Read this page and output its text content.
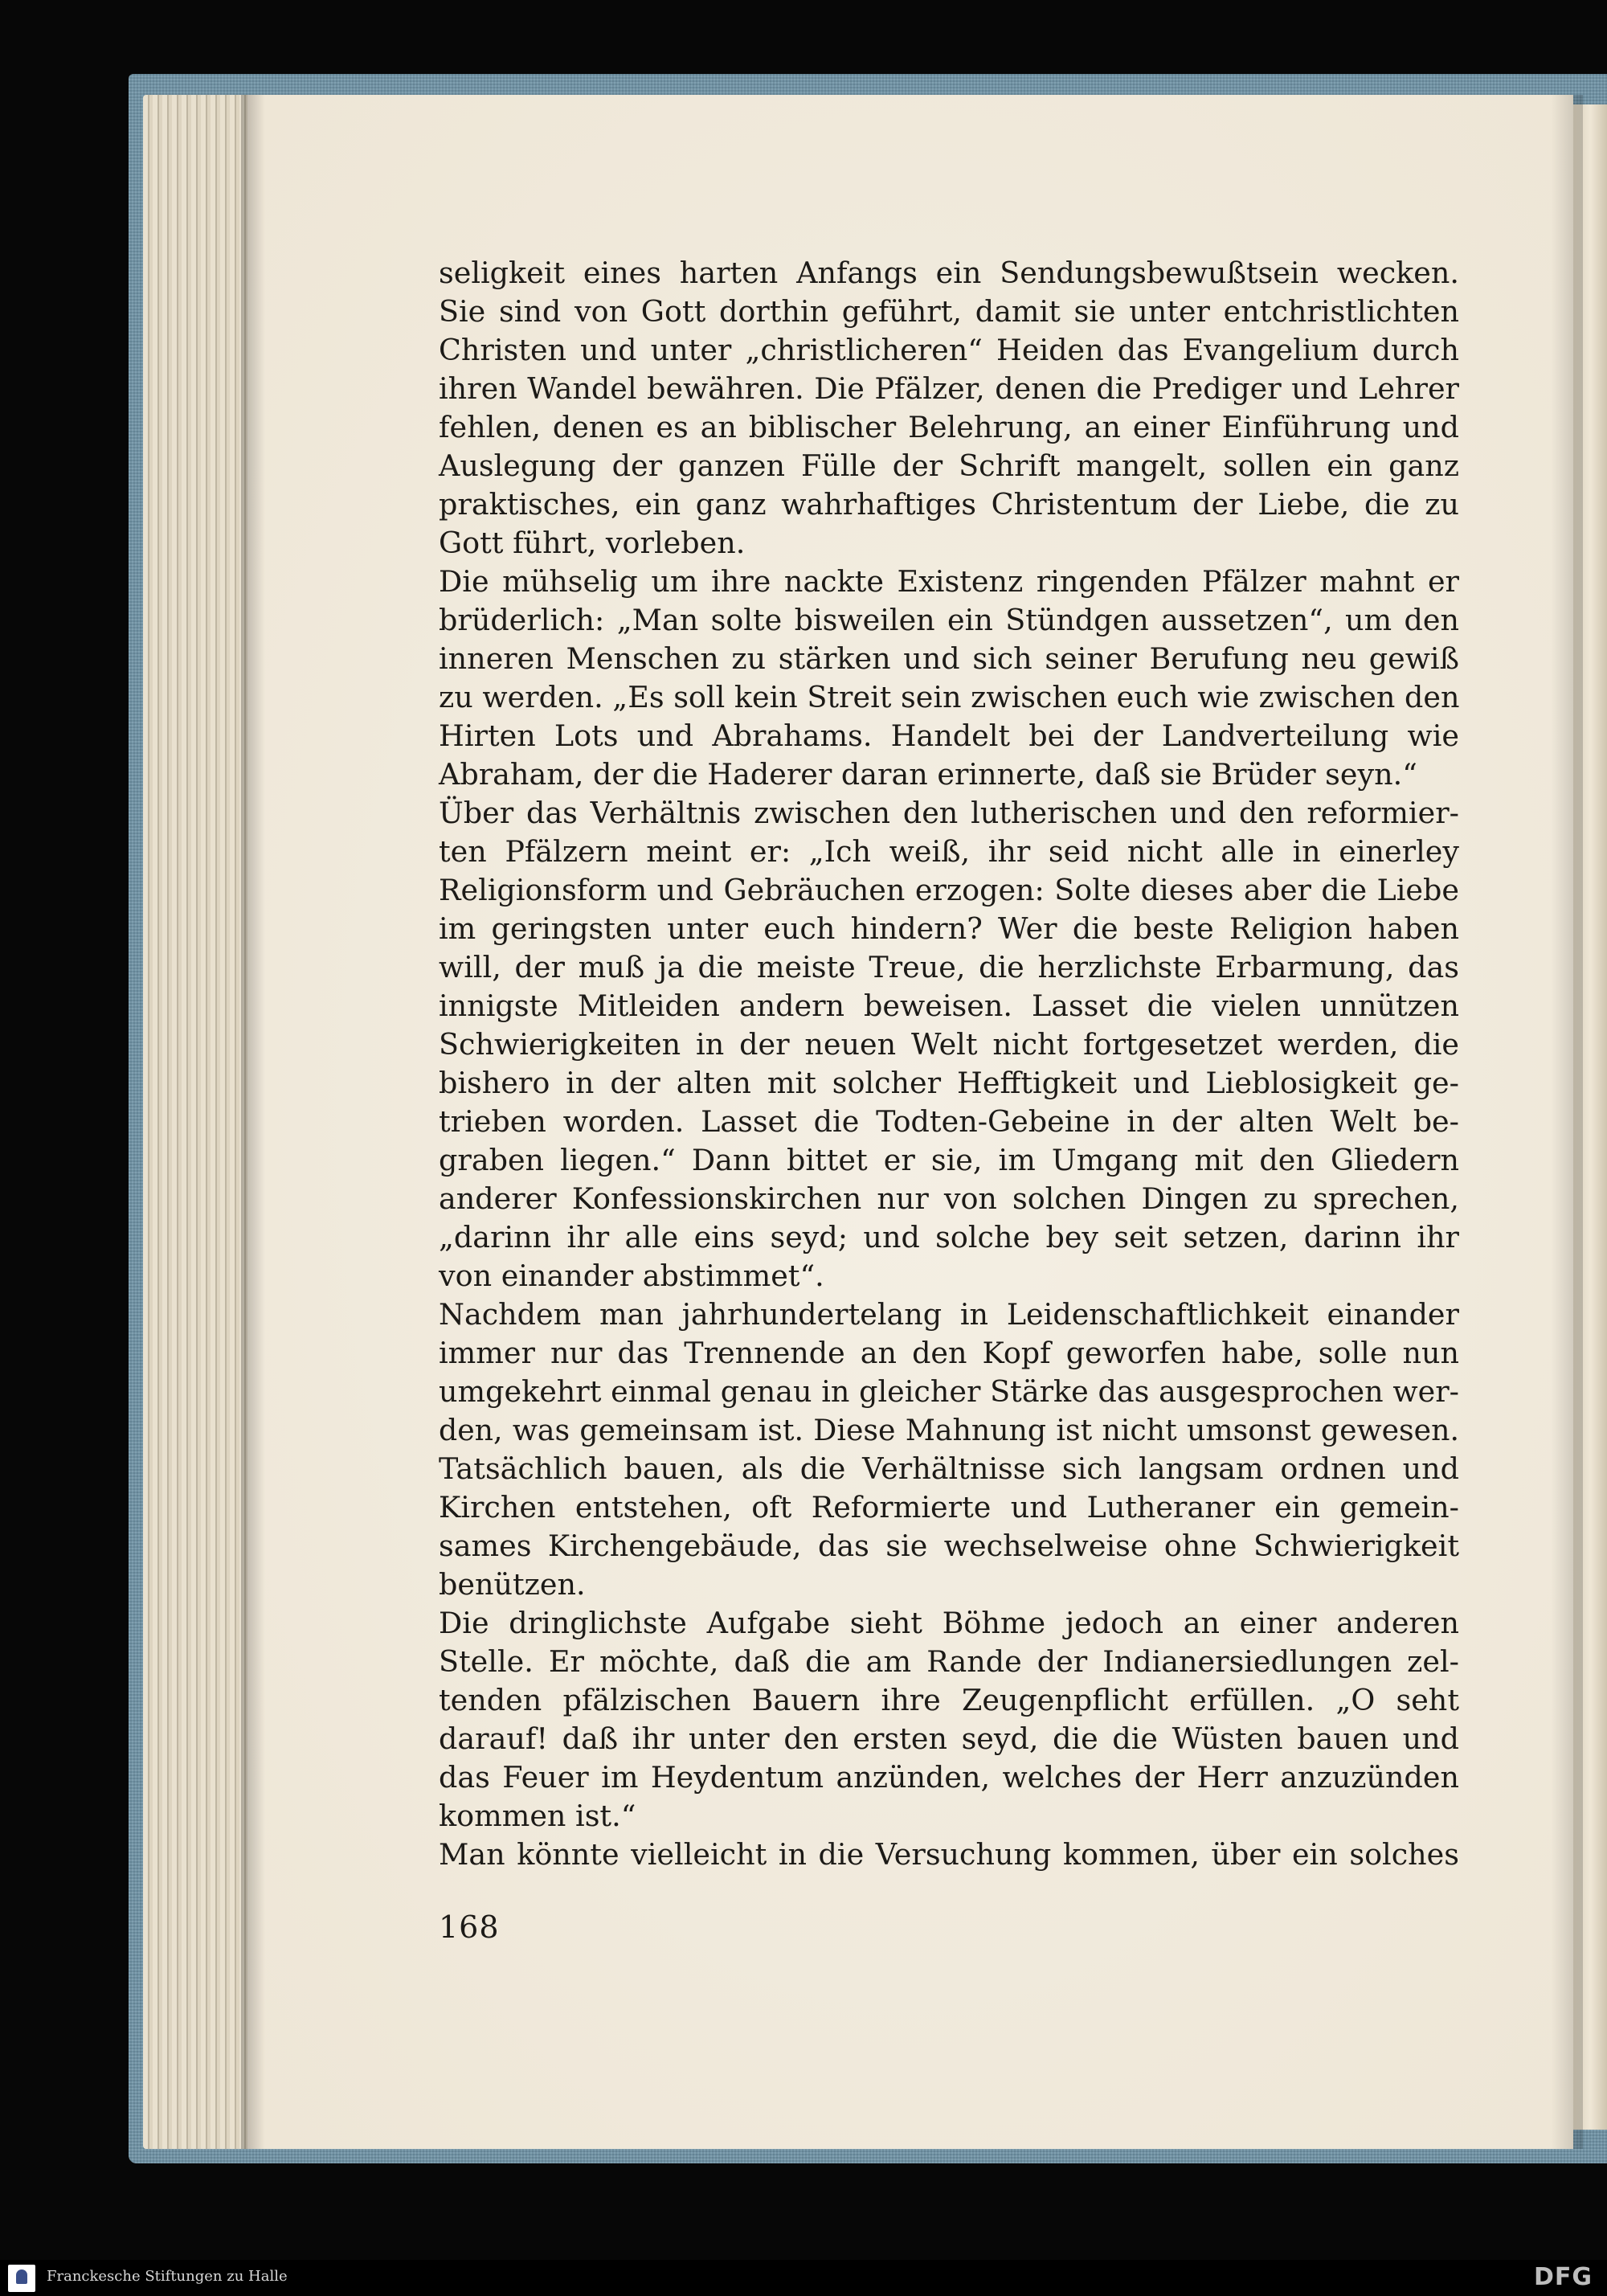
seligkeit eines harten Anfangs ein Sendungsbewußtsein wecken.
Sie sind von Gott dorthin geführt, damit sie unter entchristlichten
Christen und unter „christlicheren“ Heiden das Evangelium durch
ihren Wandel bewähren. Die Pfälzer, denen die Prediger und Lehrer
fehlen, denen es an biblischer Belehrung, an einer Einführung und
Auslegung der ganzen Fülle der Schrift mangelt, sollen ein ganz
praktisches, ein ganz wahrhaftiges Christentum der Liebe, die zu
Gott führt, vorleben.
Die mühselig um ihre nackte Existenz ringenden Pfälzer mahnt er
brüderlich: „Man solte bisweilen ein Stündgen aussetzen“, um den
inneren Menschen zu stärken und sich seiner Berufung neu gewiß
zu werden. „Es soll kein Streit sein zwischen euch wie zwischen den
Hirten Lots und Abrahams. Handelt bei der Landverteilung wie
Abraham, der die Haderer daran erinnerte, daß sie Brüder seyn.“
Über das Verhältnis zwischen den lutherischen und den reformier-
ten Pfälzern meint er: „Ich weiß, ihr seid nicht alle in einerley
Religionsform und Gebräuchen erzogen: Solte dieses aber die Liebe
im geringsten unter euch hindern? Wer die beste Religion haben
will, der muß ja die meiste Treue, die herzlichste Erbarmung, das
innigste Mitleiden andern beweisen. Lasset die vielen unnützen
Schwierigkeiten in der neuen Welt nicht fortgesetzet werden, die
bishero in der alten mit solcher Hefftigkeit und Lieblosigkeit ge-
trieben worden. Lasset die Todten-Gebeine in der alten Welt be-
graben liegen.“ Dann bittet er sie, im Umgang mit den Gliedern
anderer Konfessionskirchen nur von solchen Dingen zu sprechen,
„darinn ihr alle eins seyd; und solche bey seit setzen, darinn ihr
von einander abstimmet“.
Nachdem man jahrhundertelang in Leidenschaftlichkeit einander
immer nur das Trennende an den Kopf geworfen habe, solle nun
umgekehrt einmal genau in gleicher Stärke das ausgesprochen wer-
den, was gemeinsam ist. Diese Mahnung ist nicht umsonst gewesen.
Tatsächlich bauen, als die Verhältnisse sich langsam ordnen und
Kirchen entstehen, oft Reformierte und Lutheraner ein gemein-
sames Kirchengebäude, das sie wechselweise ohne Schwierigkeit
benützen.
Die dringlichste Aufgabe sieht Böhme jedoch an einer anderen
Stelle. Er möchte, daß die am Rande der Indianersiedlungen zel-
tenden pfälzischen Bauern ihre Zeugenpflicht erfüllen. „O seht
darauf! daß ihr unter den ersten seyd, die die Wüsten bauen und
das Feuer im Heydentum anzünden, welches der Herr anzuzünden
kommen ist.“
Man könnte vielleicht in die Versuchung kommen, über ein solches
168
Franckesche Stiftungen zu Halle	DFG
